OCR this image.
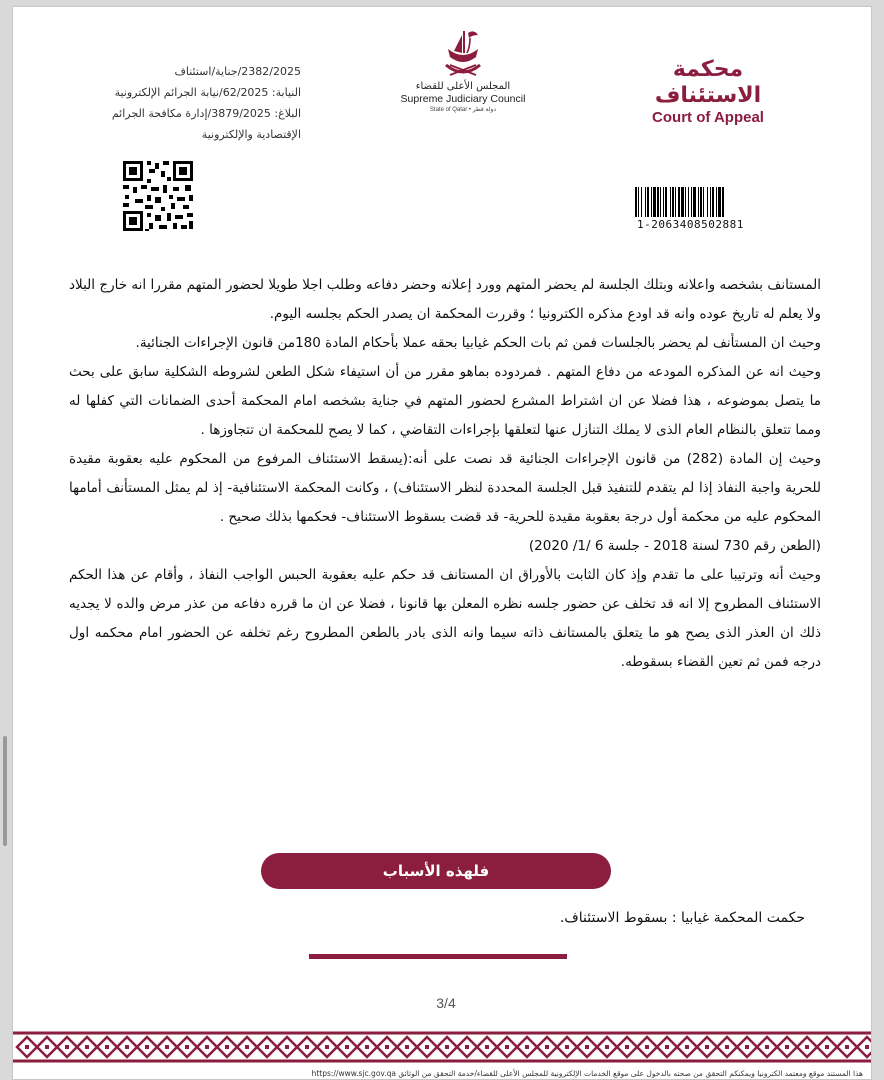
محكمة الاستئناف
Court of Appeal
المجلس الأعلى للقضاء
Supreme Judiciary Council
State of Qatar • دولة قطر
2382/2025/جناية/استئناف
النيابة: 62/2025/نيابة الجرائم الإلكترونية
البلاغ: 3879/2025/إدارة مكافحة الجرائم
الإقتصادية والإلكترونية
1-2063408502881

المستانف بشخصه واعلانه وبتلك الجلسة لم يحضر المتهم وورد إعلانه وحضر دفاعه وطلب اجلا طويلا لحضور المتهم مقررا انه خارج البلاد ولا يعلم له تاريخ عوده وانه قد اودع مذكره الكترونيا ؛ وقررت المحكمة ان يصدر الحكم بجلسه اليوم.

وحيث ان المستأنف لم يحضر بالجلسات فمن ثم بات الحكم غيابيا بحقه عملا بأحكام المادة 180من قانون الإجراءات الجنائية.

وحيث انه عن المذكره المودعه من دفاع المتهم . فمردوده بماهو مقرر من أن استيفاء شكل الطعن لشروطه الشكلية سابق على بحث ما يتصل بموضوعه ، هذا فضلا عن ان اشتراط المشرع لحضور المتهم في جناية بشخصه امام المحكمة أحدى الضمانات التي كفلها له ومما تتعلق بالنظام العام الذى لا يملك التنازل عنها لتعلقها بإجراءات التقاضي ، كما لا يصح للمحكمة ان تتجاوزها .

وحيث إن المادة (282) من قانون الإجراءات الجنائية قد نصت على أنه:(يسقط الاستئناف المرفوع من المحكوم عليه بعقوبة مقيدة للحرية واجبة النفاذ إذا لم يتقدم للتنفيذ قبل الجلسة المحددة لنظر الاستئناف) ، وكانت المحكمة الاستئنافية- إذ لم يمثل المستأنف أمامها المحكوم عليه من محكمة أول درجة بعقوبة مقيدة للحرية- قد قضت بسقوط الاستئناف- فحكمها بذلك صحيح .

(الطعن رقم 730 لسنة 2018 - جلسة 6 /1/ 2020)

وحيث أنه وترتيبا على ما تقدم وإذ كان الثابت بالأوراق ان المستانف قد حكم عليه بعقوبة الحبس الواجب النفاذ ، وأقام عن هذا الحكم الاستئناف المطروح إلا انه قد تخلف عن حضور جلسه نظره المعلن بها قانونا ، فضلا عن ان ما قرره دفاعه من عذر مرض والده لا يجديه ذلك ان العذر الذى يصح هو ما يتعلق بالمستانف ذاته سيما وانه الذى بادر بالطعن المطروح رغم تخلفه عن الحضور امام محكمه اول درجه فمن ثم تعين القضاء بسقوطه.

فلهذه الأسباب
حكمت المحكمة غيابيا : بسقوط الاستئناف.
3/4
هذا المستند موقع ومعتمد الكترونيا ويمكنكم التحقق من صحته بالدخول على موقع الخدمات الإلكترونية للمجلس الأعلى للقضاء/خدمة التحقق من الوثائق https://www.sjc.gov.qa
